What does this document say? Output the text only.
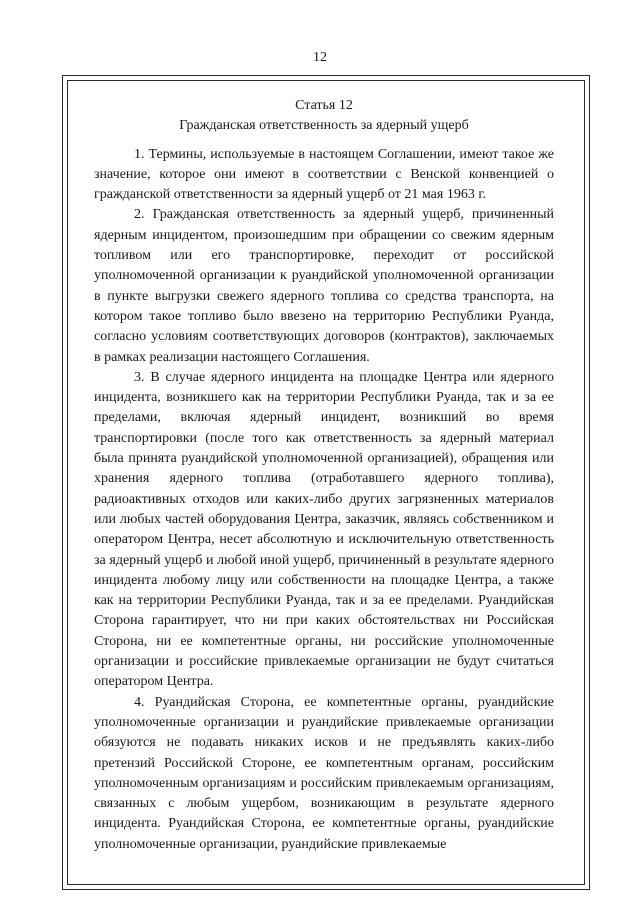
12
Статья 12
Гражданская ответственность за ядерный ущерб

1. Термины, используемые в настоящем Соглашении, имеют такое же значение, которое они имеют в соответствии с Венской конвенцией о гражданской ответственности за ядерный ущерб от 21 мая 1963 г.

2. Гражданская ответственность за ядерный ущерб, причиненный ядерным инцидентом, произошедшим при обращении со свежим ядерным топливом или его транспортировке, переходит от российской уполномоченной организации к руандийской уполномоченной организации в пункте выгрузки свежего ядерного топлива со средства транспорта, на котором такое топливо было ввезено на территорию Республики Руанда, согласно условиям соответствующих договоров (контрактов), заключаемых в рамках реализации настоящего Соглашения.

3. В случае ядерного инцидента на площадке Центра или ядерного инцидента, возникшего как на территории Республики Руанда, так и за ее пределами, включая ядерный инцидент, возникший во время транспортировки (после того как ответственность за ядерный материал была принята руандийской уполномоченной организацией), обращения или хранения ядерного топлива (отработавшего ядерного топлива), радиоактивных отходов или каких-либо других загрязненных материалов или любых частей оборудования Центра, заказчик, являясь собственником и оператором Центра, несет абсолютную и исключительную ответственность за ядерный ущерб и любой иной ущерб, причиненный в результате ядерного инцидента любому лицу или собственности на площадке Центра, а также как на территории Республики Руанда, так и за ее пределами. Руандийская Сторона гарантирует, что ни при каких обстоятельствах ни Российская Сторона, ни ее компетентные органы, ни российские уполномоченные организации и российские привлекаемые организации не будут считаться оператором Центра.

4. Руандийская Сторона, ее компетентные органы, руандийские уполномоченные организации и руандийские привлекаемые организации обязуются не подавать никаких исков и не предъявлять каких-либо претензий Российской Стороне, ее компетентным органам, российским уполномоченным организациям и российским привлекаемым организациям, связанных с любым ущербом, возникающим в результате ядерного инцидента. Руандийская Сторона, ее компетентные органы, руандийские уполномоченные организации, руандийские привлекаемые
